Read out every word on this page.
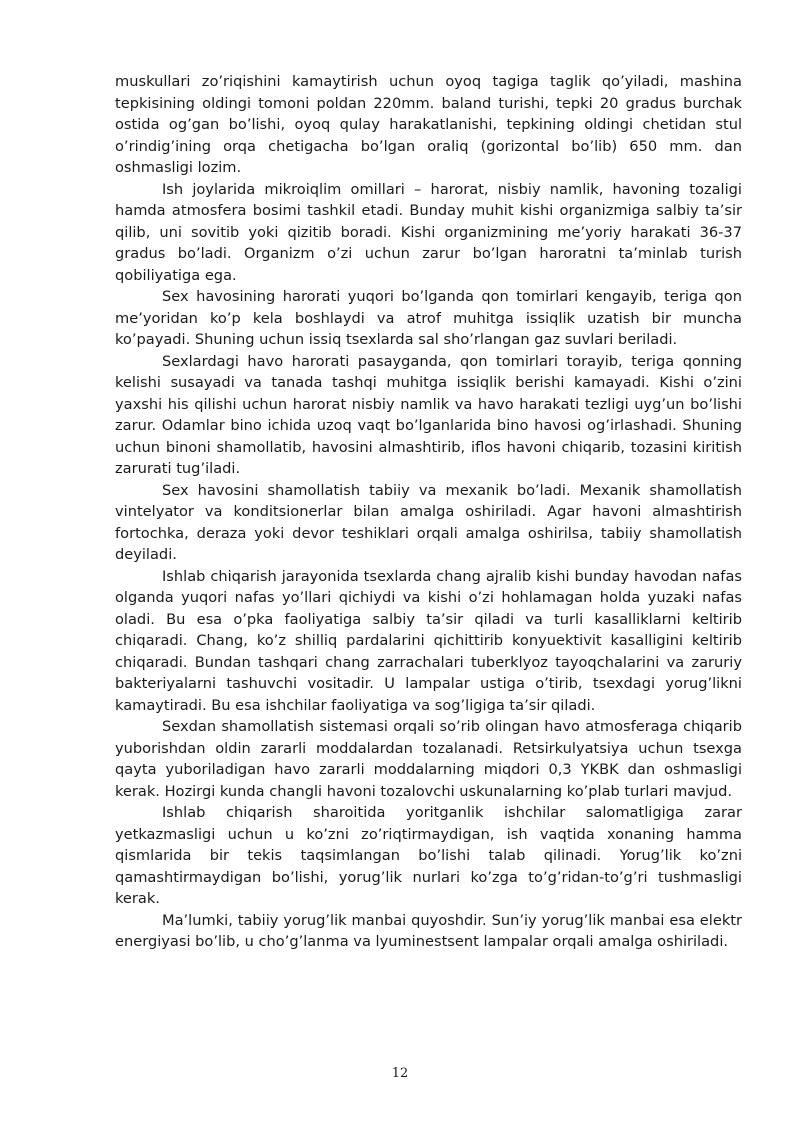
muskullari zo’riqishini kamaytirish uchun oyoq tagiga taglik qo’yiladi, mashina tepkisining oldingi tomoni poldan 220mm. baland turishi, tepki 20 gradus burchak ostida og’gan bo’lishi, oyoq qulay harakatlanishi, tepkining oldingi chetidan stul o’rindig’ining orqa chetigacha bo’lgan oraliq (gorizontal bo’lib) 650 mm. dan oshmasligi lozim.

Ish joylarida mikroiqlim omillari – harorat, nisbiy namlik, havoning tozaligi hamda atmosfera bosimi tashkil etadi. Bunday muhit kishi organizmiga salbiy ta’sir qilib, uni sovitib yoki qizitib boradi. Kishi organizmining me’yoriy harakati 36-37 gradus bo’ladi. Organizm o’zi uchun zarur bo’lgan haroratni ta’minlab turish qobiliyatiga ega.

Sex havosining harorati yuqori bo’lganda qon tomirlari kengayib, teriga qon me’yoridan ko’p kela boshlaydi va atrof muhitga issiqlik uzatish bir muncha ko’payadi. Shuning uchun issiq tsexlarda sal sho’rlangan gaz suvlari beriladi.

Sexlardagi havo harorati pasayganda, qon tomirlari torayib, teriga qonning kelishi susayadi va tanada tashqi muhitga issiqlik berishi kamayadi. Kishi o’zini yaxshi his qilishi uchun harorat nisbiy namlik va havo harakati tezligi uyg’un bo’lishi zarur. Odamlar bino ichida uzoq vaqt bo’lganlarida bino havosi og’irlashadi. Shuning uchun binoni shamollatib, havosini almashtirib, iflos havoni chiqarib, tozasini kiritish zarurati tug’iladi.

Sex havosini shamollatish tabiiy va mexanik bo’ladi. Mexanik shamollatish vintelyator va konditsionerlar bilan amalga oshiriladi. Agar havoni almashtirish fortochka, deraza yoki devor teshiklari orqali amalga oshirilsa, tabiiy shamollatish deyiladi.

Ishlab chiqarish jarayonida tsexlarda chang ajralib kishi bunday havodan nafas olganda yuqori nafas yo’llari qichiydi va kishi o’zi hohlamagan holda yuzaki nafas oladi. Bu esa o’pka faoliyatiga salbiy ta’sir qiladi va turli kasalliklarni keltirib chiqaradi. Chang, ko’z shilliq pardalarini qichittirib konyuektivit kasalligini keltirib chiqaradi. Bundan tashqari chang zarrachalari tuberklyoz tayoqchalarini va zaruriy bakteriyalarni tashuvchi vositadir. U lampalar ustiga o’tirib, tsexdagi yorug’likni kamaytiradi. Bu esa ishchilar faoliyatiga va sog’ligiga ta’sir qiladi.

Sexdan shamollatish sistemasi orqali so’rib olingan havo atmosferaga chiqarib yuborishdan oldin zararli moddalardan tozalanadi. Retsirkulyatsiya uchun tsexga qayta yuboriladigan havo zararli moddalarning miqdori 0,3 YKBK dan oshmasligi kerak. Hozirgi kunda changli havoni tozalovchi uskunalarning ko’plab turlari mavjud.

Ishlab chiqarish sharoitida yoritganlik ishchilar salomatligiga zarar yetkazmasligi uchun u ko’zni zo’riqtirmaydigan, ish vaqtida xonaning hamma qismlarida bir tekis taqsimlangan bo’lishi talab qilinadi. Yorug’lik ko’zni qamashtirmaydigan bo’lishi, yorug’lik nurlari ko’zga to’g’ridan-to’g’ri tushmasligi kerak.

Ma’lumki, tabiiy yorug’lik manbai quyoshdir. Sun’iy yorug’lik manbai esa elektr energiyasi bo’lib, u cho’g’lanma va lyuminestsent lampalar orqali amalga oshiriladi.

12
